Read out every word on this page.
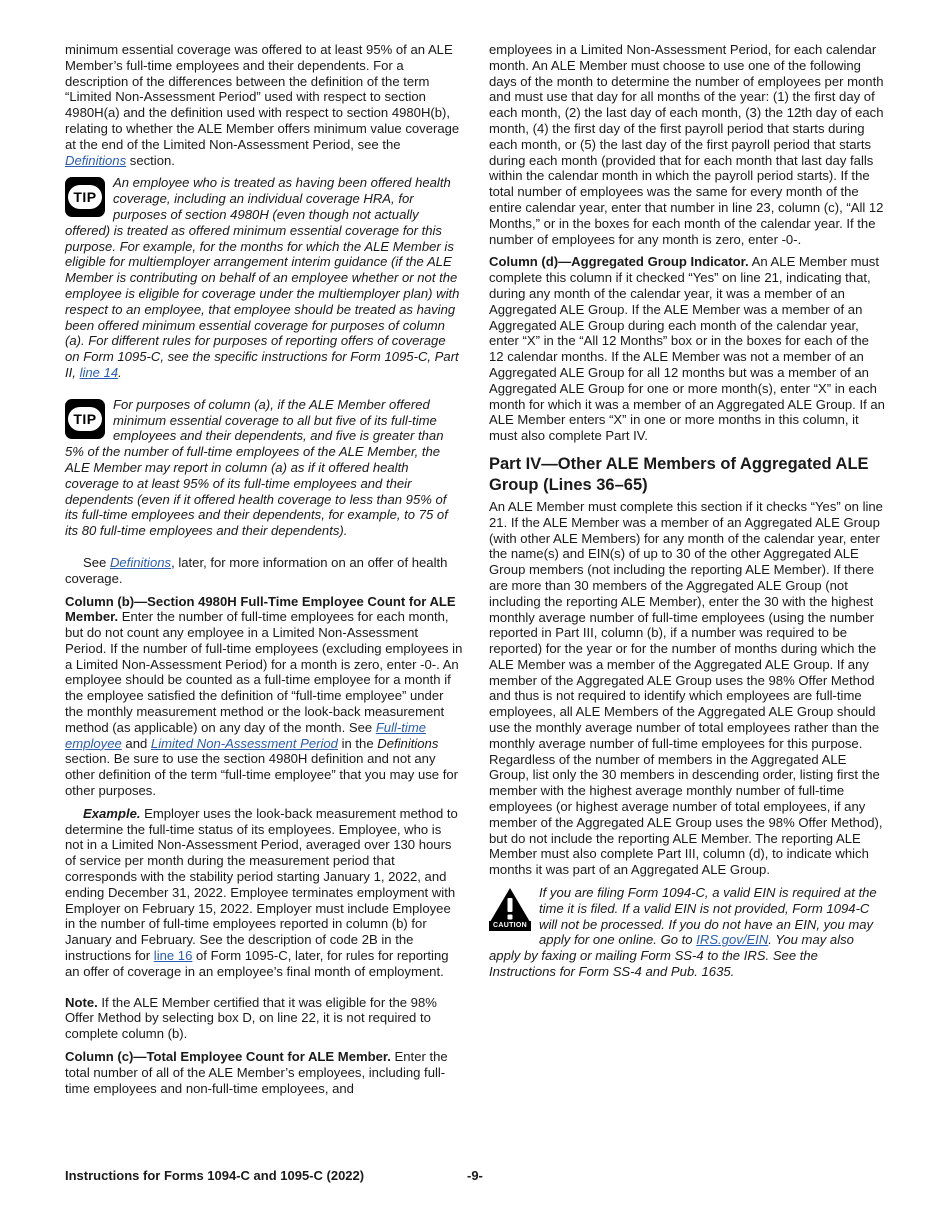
minimum essential coverage was offered to at least 95% of an ALE Member’s full-time employees and their dependents. For a description of the differences between the definition of the term “Limited Non-Assessment Period” used with respect to section 4980H(a) and the definition used with respect to section 4980H(b), relating to whether the ALE Member offers minimum value coverage at the end of the Limited Non-Assessment Period, see the Definitions section.

TIP
An employee who is treated as having been offered health coverage, including an individual coverage HRA, for purposes of section 4980H (even though not actually offered) is treated as offered minimum essential coverage for this purpose. For example, for the months for which the ALE Member is eligible for multiemployer arrangement interim guidance (if the ALE Member is contributing on behalf of an employee whether or not the employee is eligible for coverage under the multiemployer plan) with respect to an employee, that employee should be treated as having been offered minimum essential coverage for purposes of column (a). For different rules for purposes of reporting offers of coverage on Form 1095-C, see the specific instructions for Form 1095-C, Part II, line 14.
TIP
For purposes of column (a), if the ALE Member offered minimum essential coverage to all but five of its full-time employees and their dependents, and five is greater than 5% of the number of full-time employees of the ALE Member, the ALE Member may report in column (a) as if it offered health coverage to at least 95% of its full-time employees and their dependents (even if it offered health coverage to less than 95% of its full-time employees and their dependents, for example, to 75 of its 80 full-time employees and their dependents).

See Definitions, later, for more information on an offer of health coverage.

Column (b)—Section 4980H Full-Time Employee Count for ALE Member. Enter the number of full-time employees for each month, but do not count any employee in a Limited Non-Assessment Period. If the number of full-time employees (excluding employees in a Limited Non-Assessment Period) for a month is zero, enter -0-. An employee should be counted as a full-time employee for a month if the employee satisfied the definition of “full-time employee” under the monthly measurement method or the look-back measurement method (as applicable) on any day of the month. See Full-time employee and Limited Non-Assessment Period in the Definitions section. Be sure to use the section 4980H definition and not any other definition of the term “full-time employee” that you may use for other purposes.

Example. Employer uses the look-back measurement method to determine the full-time status of its employees. Employee, who is not in a Limited Non-Assessment Period, averaged over 130 hours of service per month during the measurement period that corresponds with the stability period starting January 1, 2022, and ending December 31, 2022. Employee terminates employment with Employer on February 15, 2022. Employer must include Employee in the number of full-time employees reported in column (b) for January and February. See the description of code 2B in the instructions for line 16 of Form 1095-C, later, for rules for reporting an offer of coverage in an employee’s final month of employment.

Note. If the ALE Member certified that it was eligible for the 98% Offer Method by selecting box D, on line 22, it is not required to complete column (b).

Column (c)—Total Employee Count for ALE Member. Enter the total number of all of the ALE Member’s employees, including full-time employees and non-full-time employees, and

employees in a Limited Non-Assessment Period, for each calendar month. An ALE Member must choose to use one of the following days of the month to determine the number of employees per month and must use that day for all months of the year: (1) the first day of each month, (2) the last day of each month, (3) the 12th day of each month, (4) the first day of the first payroll period that starts during each month, or (5) the last day of the first payroll period that starts during each month (provided that for each month that last day falls within the calendar month in which the payroll period starts). If the total number of employees was the same for every month of the entire calendar year, enter that number in line 23, column (c), “All 12 Months,” or in the boxes for each month of the calendar year. If the number of employees for any month is zero, enter -0-.

Column (d)—Aggregated Group Indicator. An ALE Member must complete this column if it checked “Yes” on line 21, indicating that, during any month of the calendar year, it was a member of an Aggregated ALE Group. If the ALE Member was a member of an Aggregated ALE Group during each month of the calendar year, enter “X” in the “All 12 Months” box or in the boxes for each of the 12 calendar months. If the ALE Member was not a member of an Aggregated ALE Group for all 12 months but was a member of an Aggregated ALE Group for one or more month(s), enter “X” in each month for which it was a member of an Aggregated ALE Group. If an ALE Member enters “X” in one or more months in this column, it must also complete Part IV.

Part IV—Other ALE Members of Aggregated ALE Group (Lines 36–65)

An ALE Member must complete this section if it checks “Yes” on line 21. If the ALE Member was a member of an Aggregated ALE Group (with other ALE Members) for any month of the calendar year, enter the name(s) and EIN(s) of up to 30 of the other Aggregated ALE Group members (not including the reporting ALE Member). If there are more than 30 members of the Aggregated ALE Group (not including the reporting ALE Member), enter the 30 with the highest monthly average number of full-time employees (using the number reported in Part III, column (b), if a number was required to be reported) for the year or for the number of months during which the ALE Member was a member of the Aggregated ALE Group. If any member of the Aggregated ALE Group uses the 98% Offer Method and thus is not required to identify which employees are full-time employees, all ALE Members of the Aggregated ALE Group should use the monthly average number of total employees rather than the monthly average number of full-time employees for this purpose. Regardless of the number of members in the Aggregated ALE Group, list only the 30 members in descending order, listing first the member with the highest average monthly number of full-time employees (or highest average number of total employees, if any member of the Aggregated ALE Group uses the 98% Offer Method), but do not include the reporting ALE Member. The reporting ALE Member must also complete Part III, column (d), to indicate which months it was part of an Aggregated ALE Group.

CAUTION
If you are filing Form 1094-C, a valid EIN is required at the time it is filed. If a valid EIN is not provided, Form 1094-C will not be processed. If you do not have an EIN, you may apply for one online. Go to IRS.gov/EIN. You may also apply by faxing or mailing Form SS-4 to the IRS. See the Instructions for Form SS-4 and Pub. 1635.
Instructions for Forms 1094-C and 1095-C (2022)	-9-
